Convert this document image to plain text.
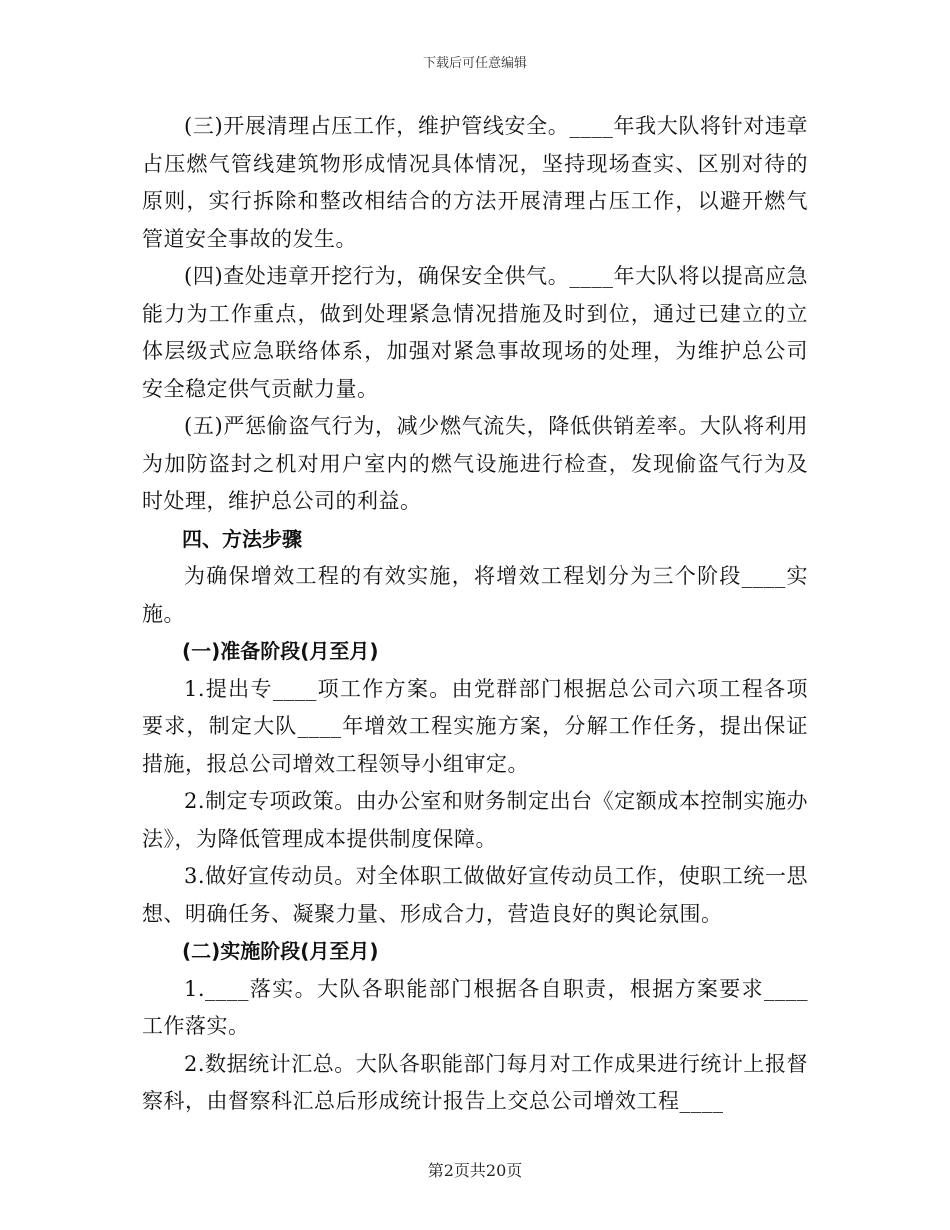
下载后可任意编辑

(三)开展清理占压工作，维护管线安全。____年我大队将针对违章占压燃气管线建筑物形成情况具体情况，坚持现场查实、区别对待的原则，实行拆除和整改相结合的方法开展清理占压工作，以避开燃气管道安全事故的发生。

(四)查处违章开挖行为，确保安全供气。____年大队将以提高应急能力为工作重点，做到处理紧急情况措施及时到位，通过已建立的立体层级式应急联络体系，加强对紧急事故现场的处理，为维护总公司安全稳定供气贡献力量。

(五)严惩偷盗气行为，减少燃气流失，降低供销差率。大队将利用为加防盗封之机对用户室内的燃气设施进行检查，发现偷盗气行为及时处理，维护总公司的利益。

四、方法步骤

为确保增效工程的有效实施，将增效工程划分为三个阶段____实施。

(一)准备阶段(月至月)

1.提出专____项工作方案。由党群部门根据总公司六项工程各项要求，制定大队____年增效工程实施方案，分解工作任务，提出保证措施，报总公司增效工程领导小组审定。

2.制定专项政策。由办公室和财务制定出台《定额成本控制实施办法》，为降低管理成本提供制度保障。

3.做好宣传动员。对全体职工做做好宣传动员工作，使职工统一思想、明确任务、凝聚力量、形成合力，营造良好的舆论氛围。

(二)实施阶段(月至月)

1.____落实。大队各职能部门根据各自职责，根据方案要求____工作落实。

2.数据统计汇总。大队各职能部门每月对工作成果进行统计上报督察科，由督察科汇总后形成统计报告上交总公司增效工程____

第2页共20页
